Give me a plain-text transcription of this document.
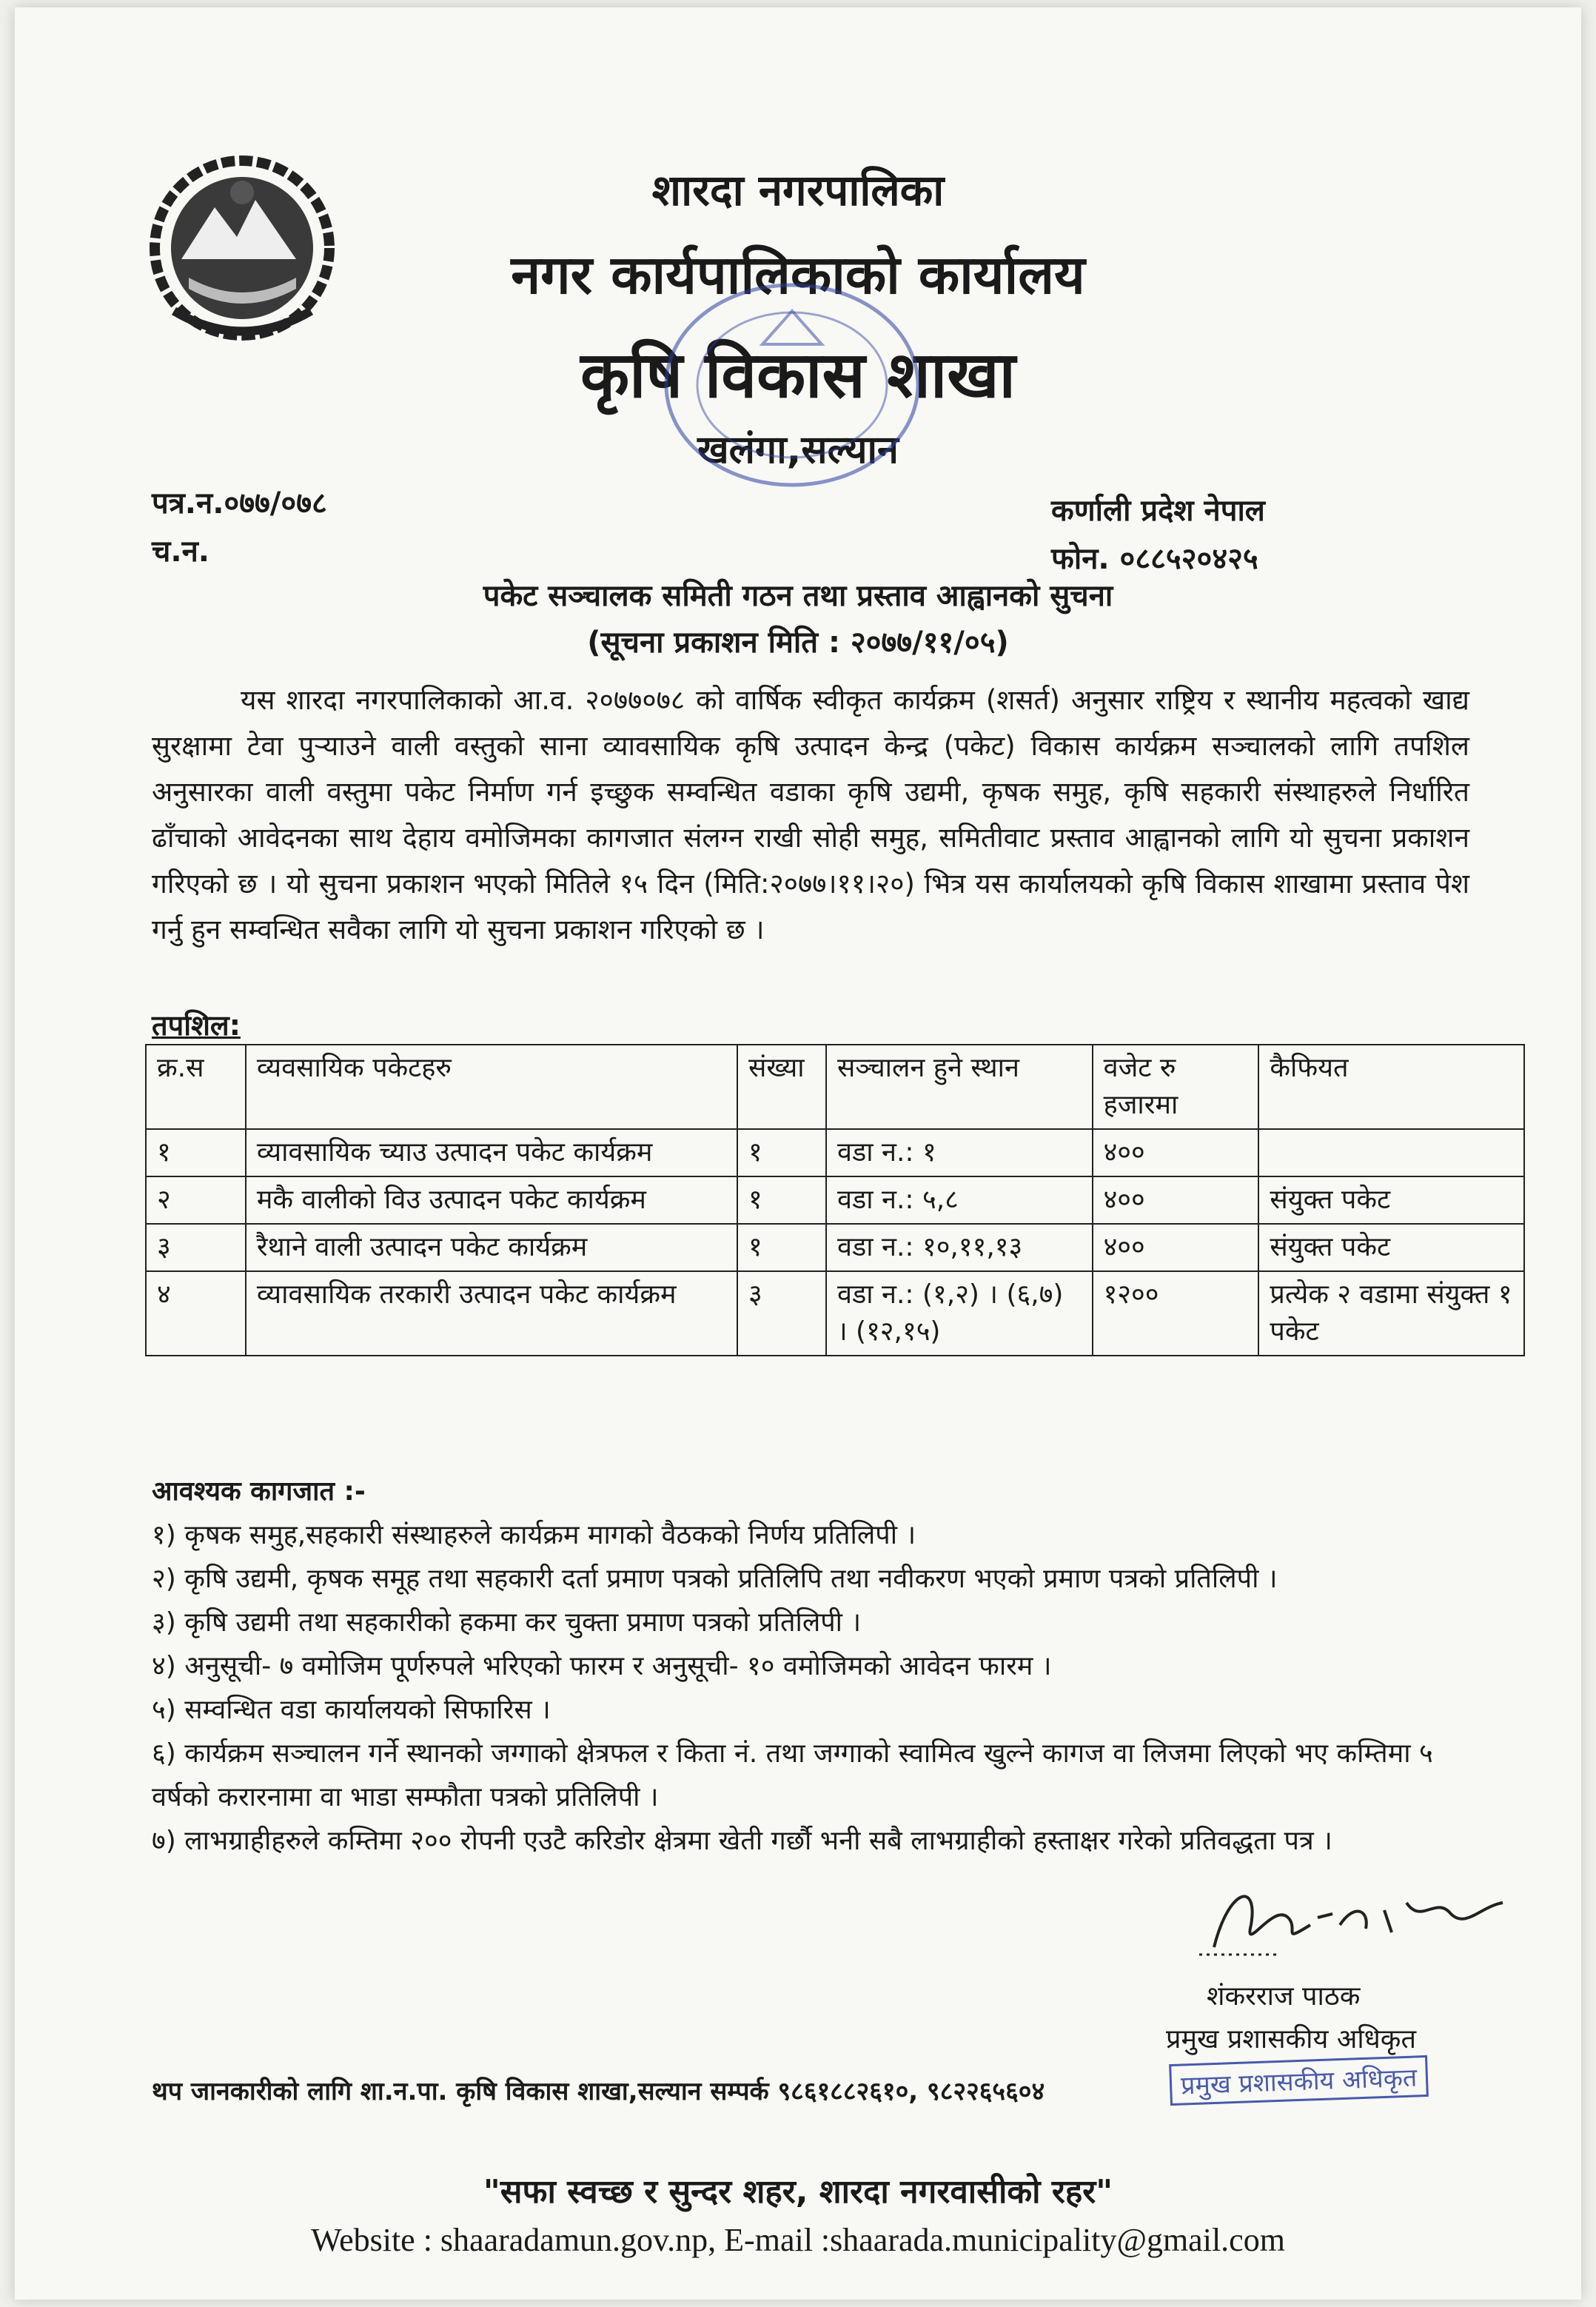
शारदा नगरपालिका
नगर कार्यपालिकाको कार्यालय
कृषि विकास शाखा
खलंगा,सल्यान
पत्र.न.०७७/०७८
च.न.
कर्णाली प्रदेश नेपाल
फोन. ०८८५२०४२५
पकेट सञ्चालक समिती गठन तथा प्रस्ताव आह्वानको सुचना
(सूचना प्रकाशन मिति : २०७७/११/०५)
यस शारदा नगरपालिकाको आ.व. २०७७०७८ को वार्षिक स्वीकृत कार्यक्रम (शसर्त) अनुसार राष्ट्रिय र स्थानीय महत्वको खाद्य सुरक्षामा टेवा पुऱ्याउने वाली वस्तुको साना व्यावसायिक कृषि उत्पादन केन्द्र (पकेट) विकास कार्यक्रम सञ्चालको लागि तपशिल अनुसारका वाली वस्तुमा पकेट निर्माण गर्न इच्छुक सम्वन्धित वडाका कृषि उद्यमी, कृषक समुह, कृषि सहकारी संस्थाहरुले निर्धारित ढाँचाको आवेदनका साथ देहाय वमोजिमका कागजात संलग्न राखी सोही समुह, समितीवाट प्रस्ताव आह्वानको लागि यो सुचना प्रकाशन गरिएको छ । यो सुचना प्रकाशन भएको मितिले १५ दिन (मिति:२०७७।११।२०) भित्र यस कार्यालयको कृषि विकास शाखामा प्रस्ताव पेश गर्नु हुन सम्वन्धित सवैका लागि यो सुचना प्रकाशन गरिएको छ ।
तपशिल:
क्र.स	व्यवसायिक पकेटहरु	संख्या	सञ्चालन हुने स्थान	वजेट रु हजारमा	कैफियत
१	व्यावसायिक च्याउ उत्पादन पकेट कार्यक्रम	१	वडा न.: १	४००	
२	मकै वालीको विउ उत्पादन पकेट कार्यक्रम	१	वडा न.: ५,८	४००	संयुक्त पकेट
३	रैथाने वाली उत्पादन पकेट कार्यक्रम	१	वडा न.: १०,११,१३	४००	संयुक्त पकेट
४	व्यावसायिक तरकारी उत्पादन पकेट कार्यक्रम	३	वडा न.: (१,२) । (६,७) । (१२,१५)	१२००	प्रत्येक २ वडामा संयुक्त १ पकेट

आवश्यक कागजात :-

१) कृषक समुह,सहकारी संस्थाहरुले कार्यक्रम मागको वैठकको निर्णय प्रतिलिपी ।

२) कृषि उद्यमी, कृषक समूह तथा सहकारी दर्ता प्रमाण पत्रको प्रतिलिपि तथा नवीकरण भएको प्रमाण पत्रको प्रतिलिपी ।

३) कृषि उद्यमी तथा सहकारीको हकमा कर चुक्ता प्रमाण पत्रको प्रतिलिपी ।

४) अनुसूची- ७ वमोजिम पूर्णरुपले भरिएको फारम र अनुसूची- १० वमोजिमको आवेदन फारम ।

५) सम्वन्धित वडा कार्यालयको सिफारिस ।

६) कार्यक्रम सञ्चालन गर्ने स्थानको जग्गाको क्षेत्रफल र किता नं. तथा जग्गाको स्वामित्व खुल्ने कागज वा लिजमा लिएको भए कम्तिमा ५ वर्षको करारनामा वा भाडा सम्फौता पत्रको प्रतिलिपी ।

७) लाभग्राहीहरुले कम्तिमा २०० रोपनी एउटै करिडोर क्षेत्रमा खेती गर्छौ भनी सबै लाभग्राहीको हस्ताक्षर गरेको प्रतिवद्धता पत्र ।

शंकरराज पाठक
प्रमुख प्रशासकीय अधिकृत
प्रमुख प्रशासकीय अधिकृत
थप जानकारीको लागि शा.न.पा. कृषि विकास शाखा,सल्यान सम्पर्क ९८६१८८२६१०, ९८२२६५६०४
"सफा स्वच्छ र सुन्दर शहर, शारदा नगरवासीको रहर"
Website : shaaradamun.gov.np, E-mail :shaarada.municipality@gmail.com
